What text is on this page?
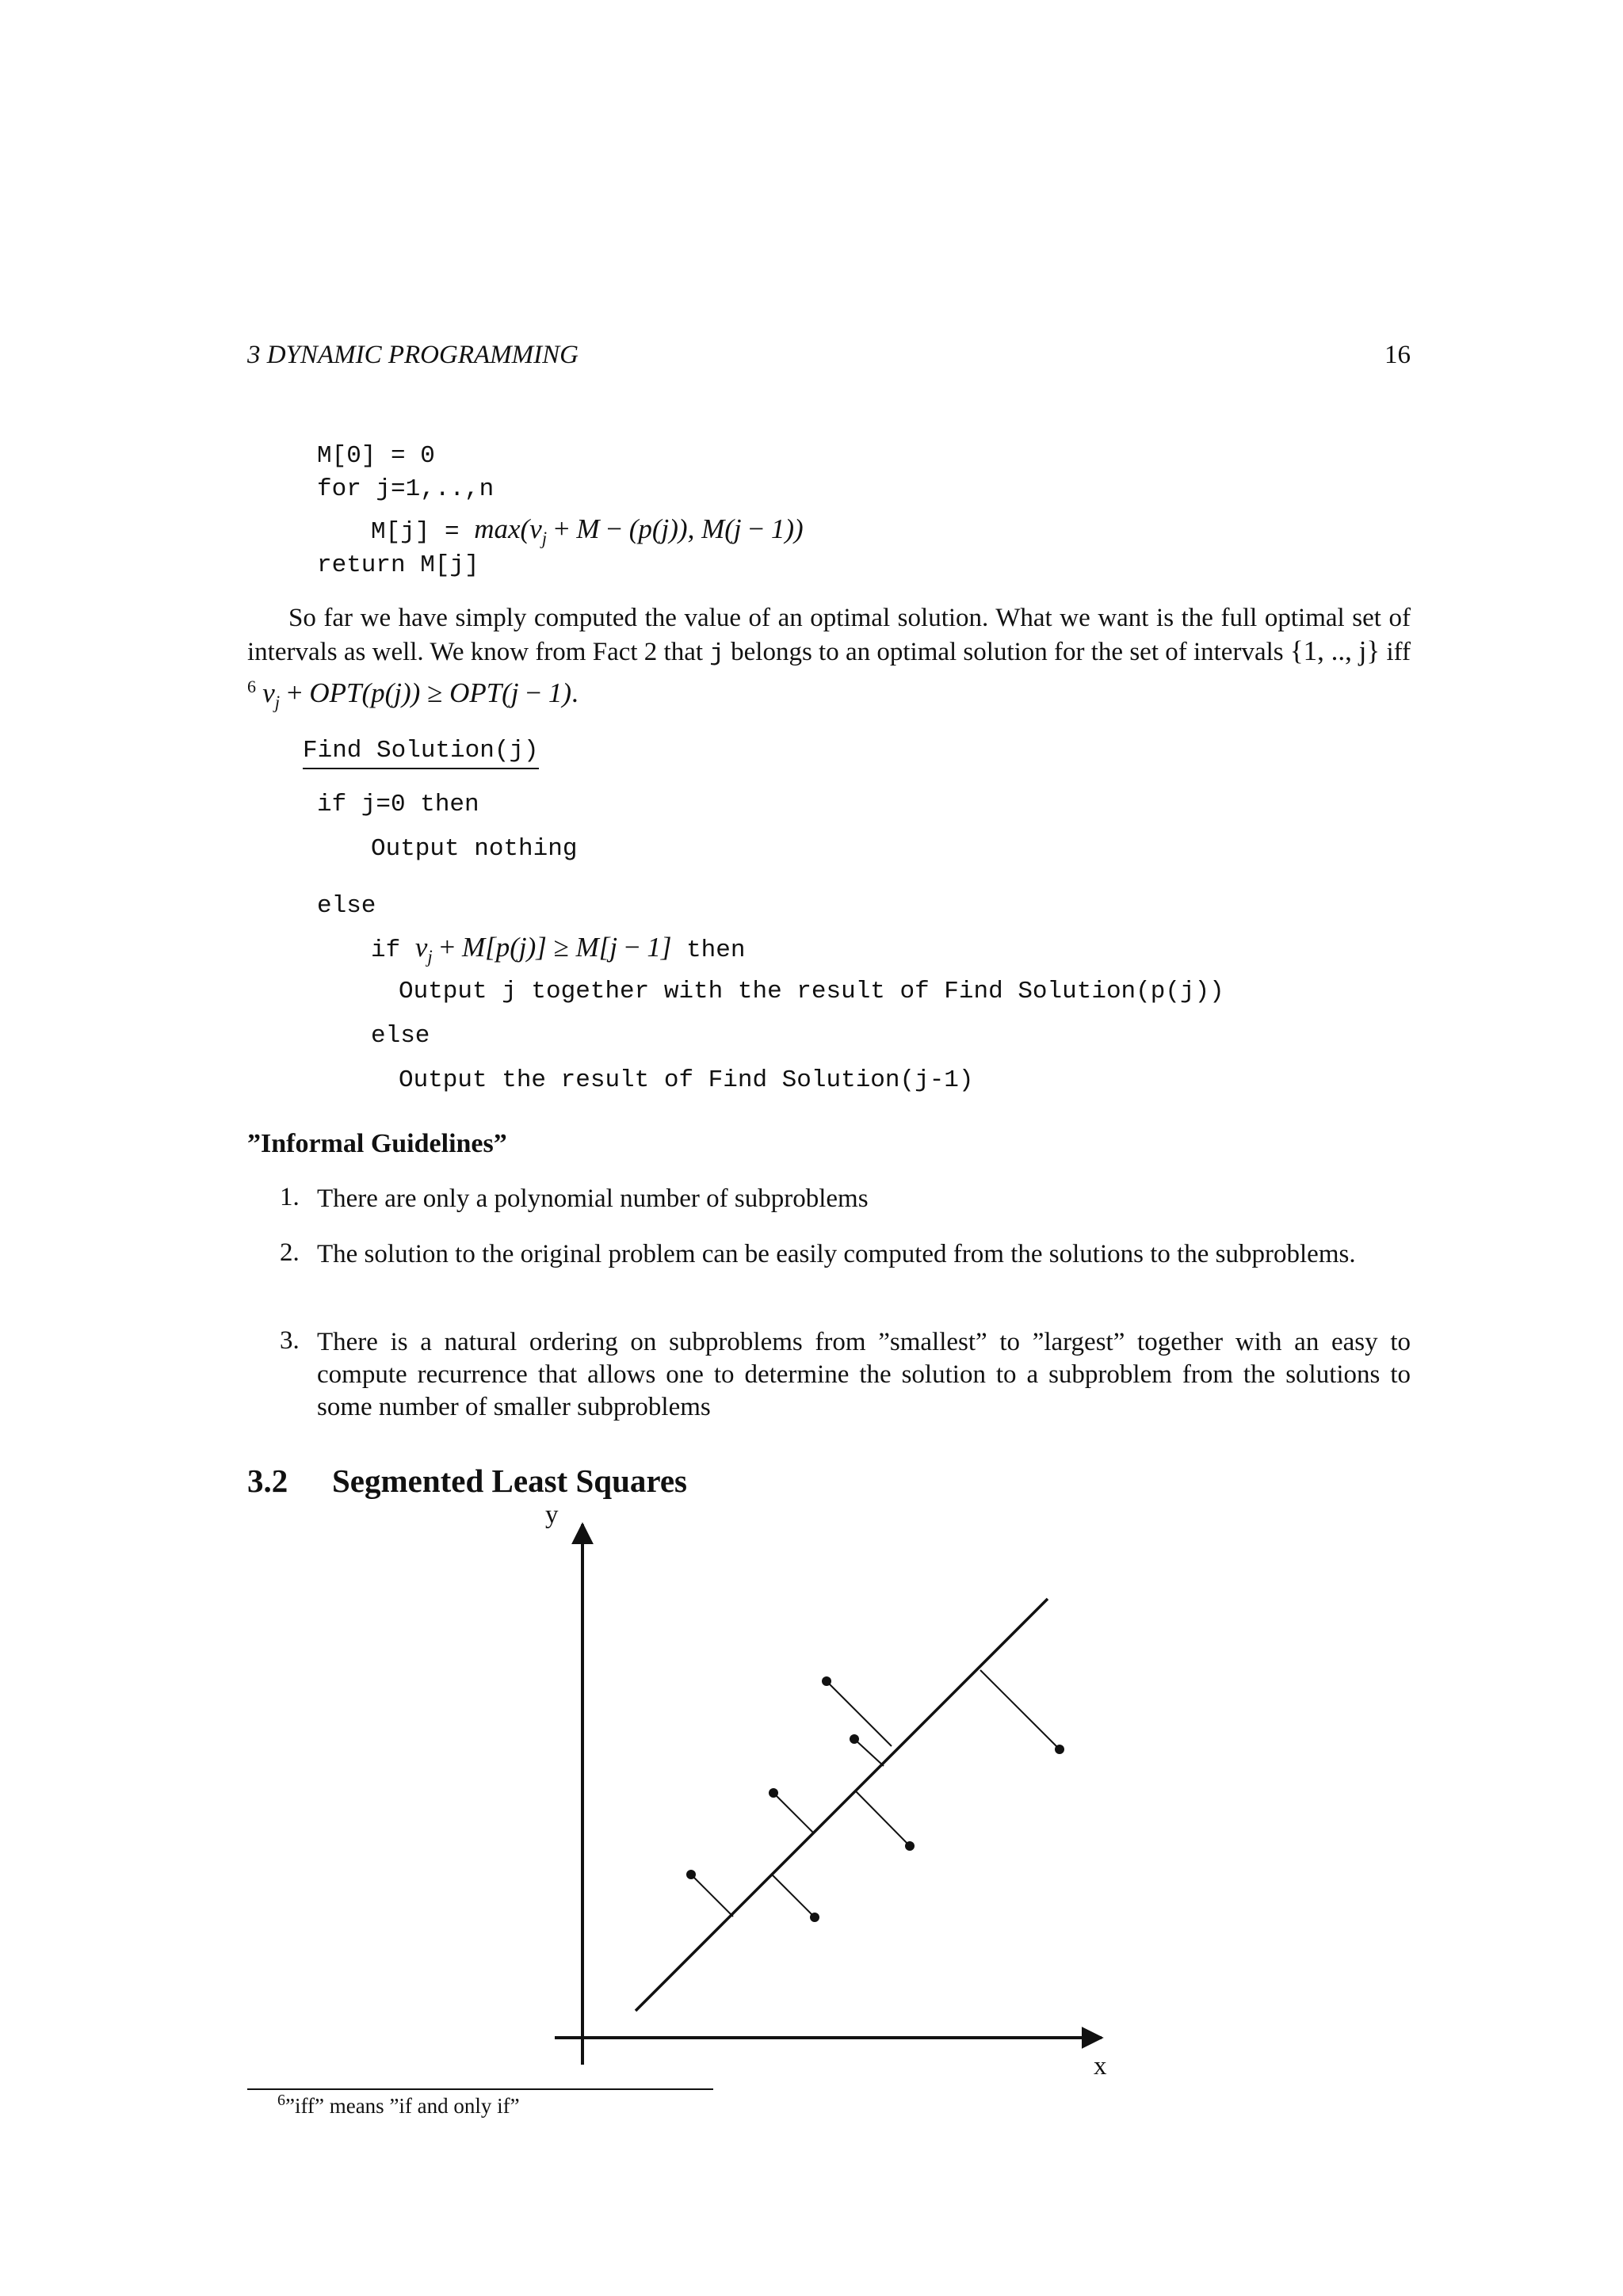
3 DYNAMIC PROGRAMMING	16
M[0] = 0
for j=1,..,n
$M[j] = \max(v_j + M - (p(j))$, M(j − 1))
return M[j]
So far we have simply computed the value of an optimal solution. What we want is the full optimal set of intervals as well. We know from Fact 2 that j belongs to an optimal solution for the set of intervals {1, .., j} iff $^6$ $v_j + OPT(p(j)) \ge OPT(j - 1)$.
Find Solution(j)
if j=0 then
Output nothing
else
if $v_j + M[p(j)] \ge M[j - 1]$ then
Output j together with the result of Find Solution(p(j))
else
Output the result of Find Solution(j-1)
”Informal Guidelines”
1. There are only a polynomial number of subproblems
2. The solution to the original problem can be easily computed from the solutions to the subproblems.
3. There is a natural ordering on subproblems from ”smallest” to ”largest” together with an easy to compute recurrence that allows one to determine the solution to a subproblem from the solutions to some number of smaller subproblems
3.2 Segmented Least Squares
y
x
$^6$”iff” means ”if and only if”
